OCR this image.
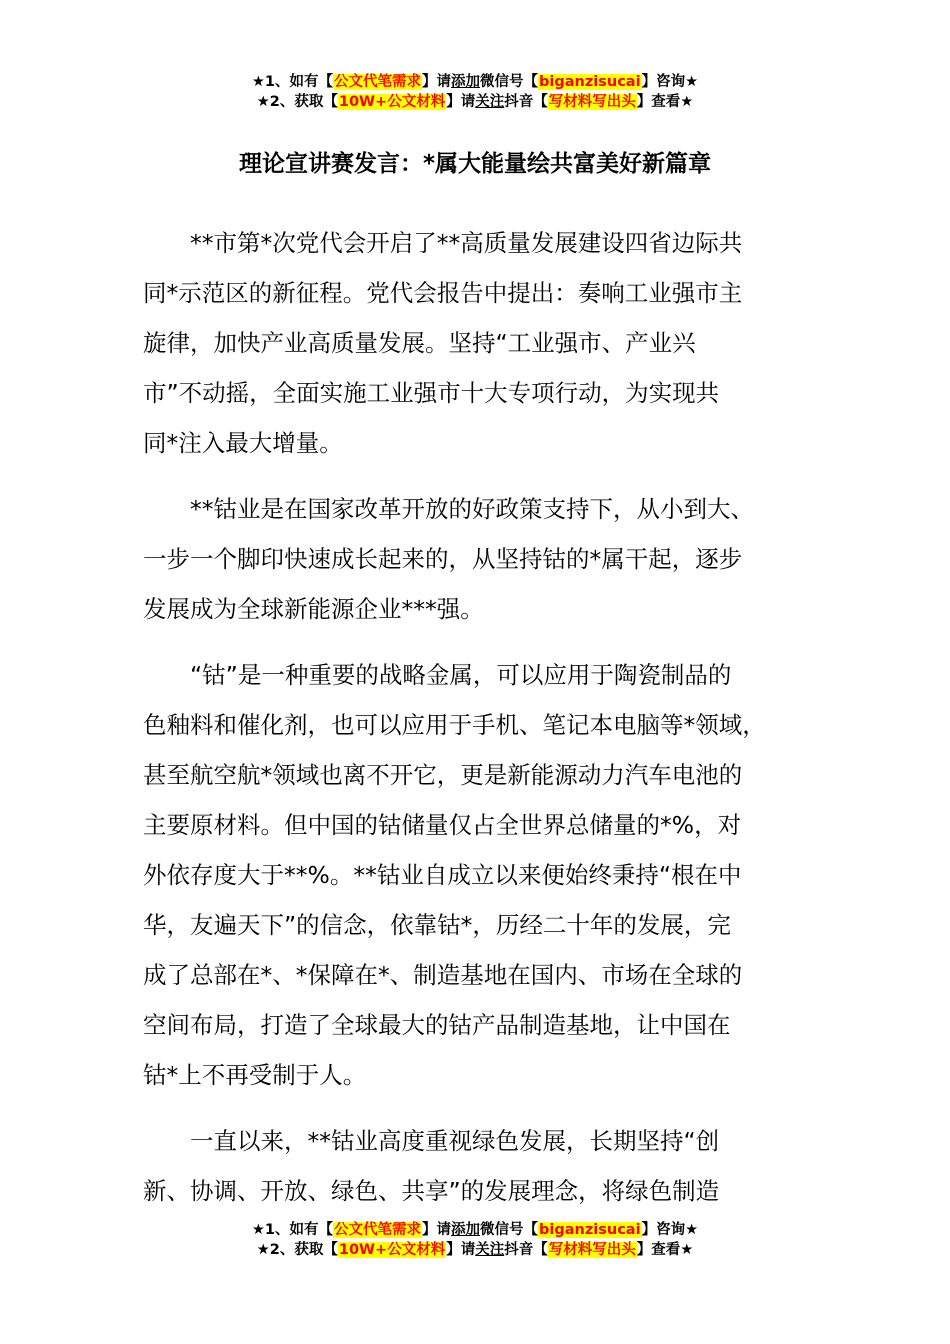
★1、如有【公文代笔需求】请添加微信号【biganzisucai】咨询★
★2、获取【10W+公文材料】请关注抖音【写材料写出头】查看★
理论宣讲赛发言：*属大能量绘共富美好新篇章
　　**市第*次党代会开启了**高质量发展建设四省边际共
同*示范区的新征程。党代会报告中提出：奏响工业强市主
旋律，加快产业高质量发展。坚持“工业强市、产业兴
市”不动摇，全面实施工业强市十大专项行动，为实现共
同*注入最大增量。
　　**钴业是在国家改革开放的好政策支持下，从小到大、
一步一个脚印快速成长起来的，从坚持钴的*属干起，逐步
发展成为全球新能源企业***强。
　　“钴”是一种重要的战略金属，可以应用于陶瓷制品的
色釉料和催化剂，也可以应用于手机、笔记本电脑等*领域，
甚至航空航*领域也离不开它，更是新能源动力汽车电池的
主要原材料。但中国的钴储量仅占全世界总储量的*%，对
外依存度大于**%。**钴业自成立以来便始终秉持“根在中
华，友遍天下”的信念，依靠钴*，历经二十年的发展，完
成了总部在*、*保障在*、制造基地在国内、市场在全球的
空间布局，打造了全球最大的钴产品制造基地，让中国在
钴*上不再受制于人。
　　一直以来，**钴业高度重视绿色发展，长期坚持“创
新、协调、开放、绿色、共享”的发展理念，将绿色制造
★1、如有【公文代笔需求】请添加微信号【biganzisucai】咨询★
★2、获取【10W+公文材料】请关注抖音【写材料写出头】查看★
